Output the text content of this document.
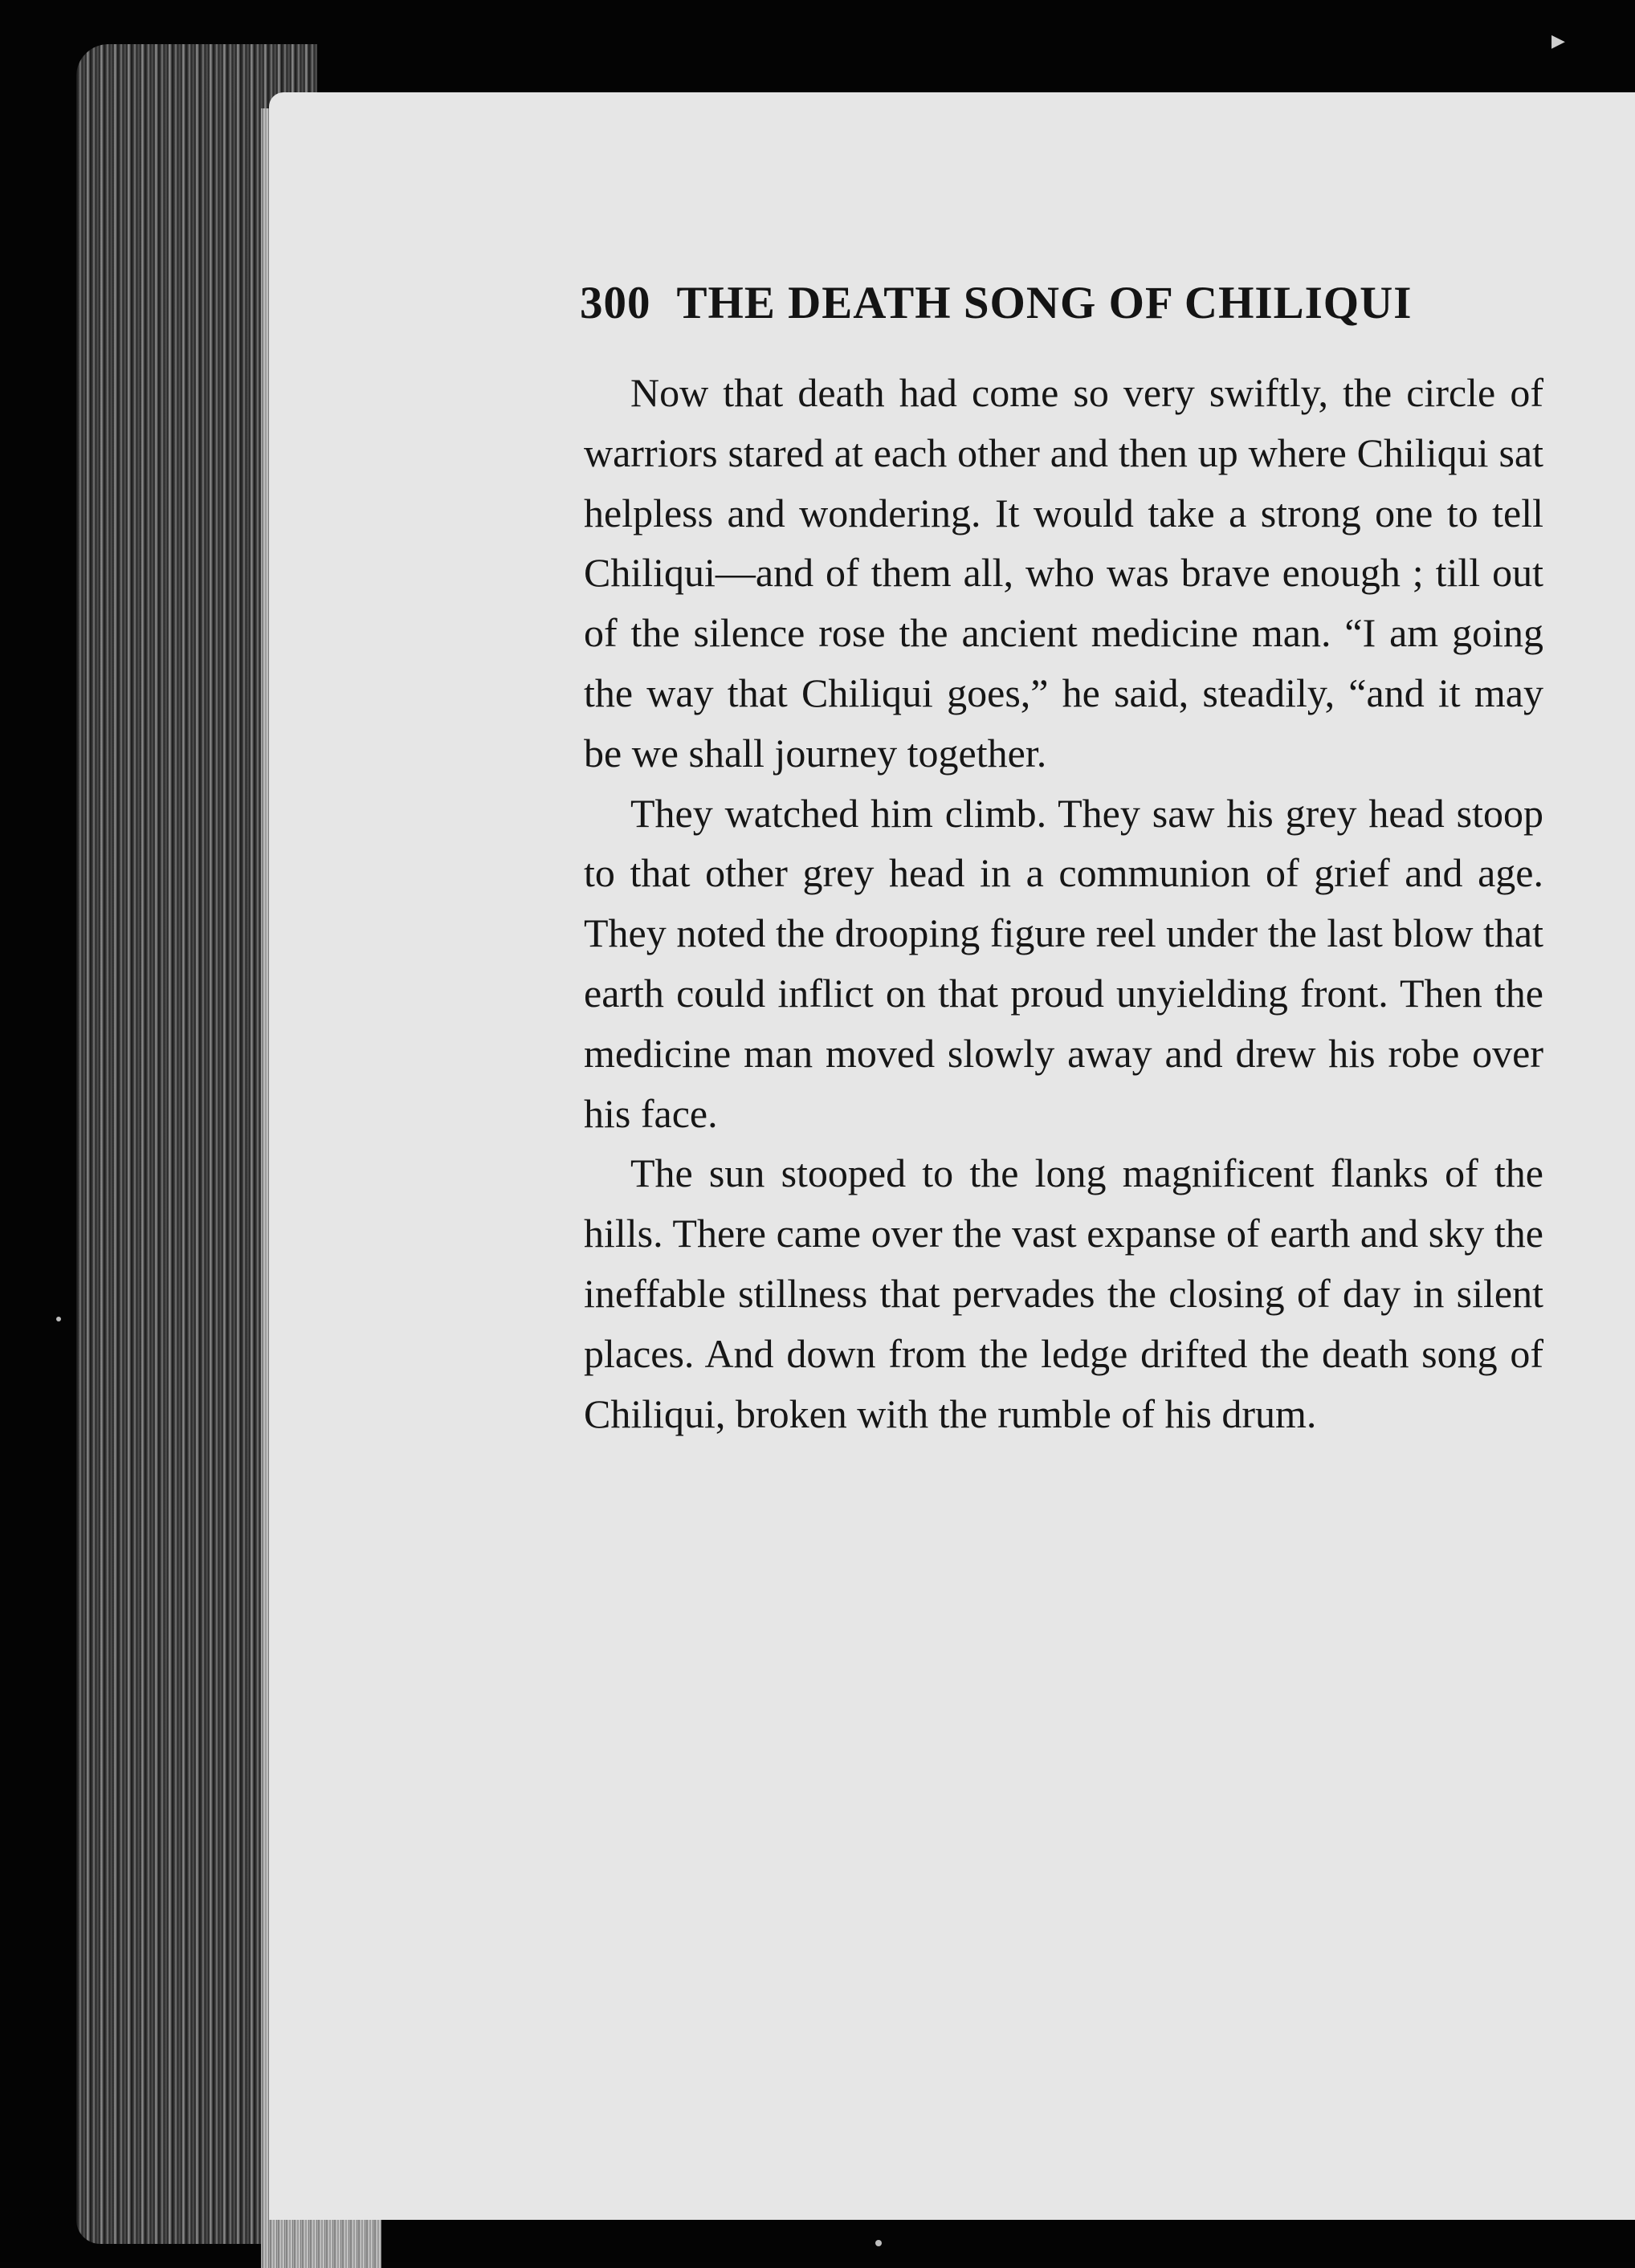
▶
300 THE DEATH SONG OF CHILIQUI

Now that death had come so very swiftly, the circle of warriors stared at each other and then up where Chiliqui sat helpless and wondering. It would take a strong one to tell Chiliqui—and of them all, who was brave enough ; till out of the silence rose the ancient medicine man. “I am going the way that Chiliqui goes,” he said, steadily, “and it may be we shall journey together.

They watched him climb. They saw his grey head stoop to that other grey head in a communion of grief and age. They noted the drooping figure reel under the last blow that earth could inflict on that proud unyielding front. Then the medicine man moved slowly away and drew his robe over his face.

The sun stooped to the long magnificent flanks of the hills. There came over the vast expanse of earth and sky the ineffable stillness that pervades the closing of day in silent places. And down from the ledge drifted the death song of Chiliqui, broken with the rumble of his drum.
